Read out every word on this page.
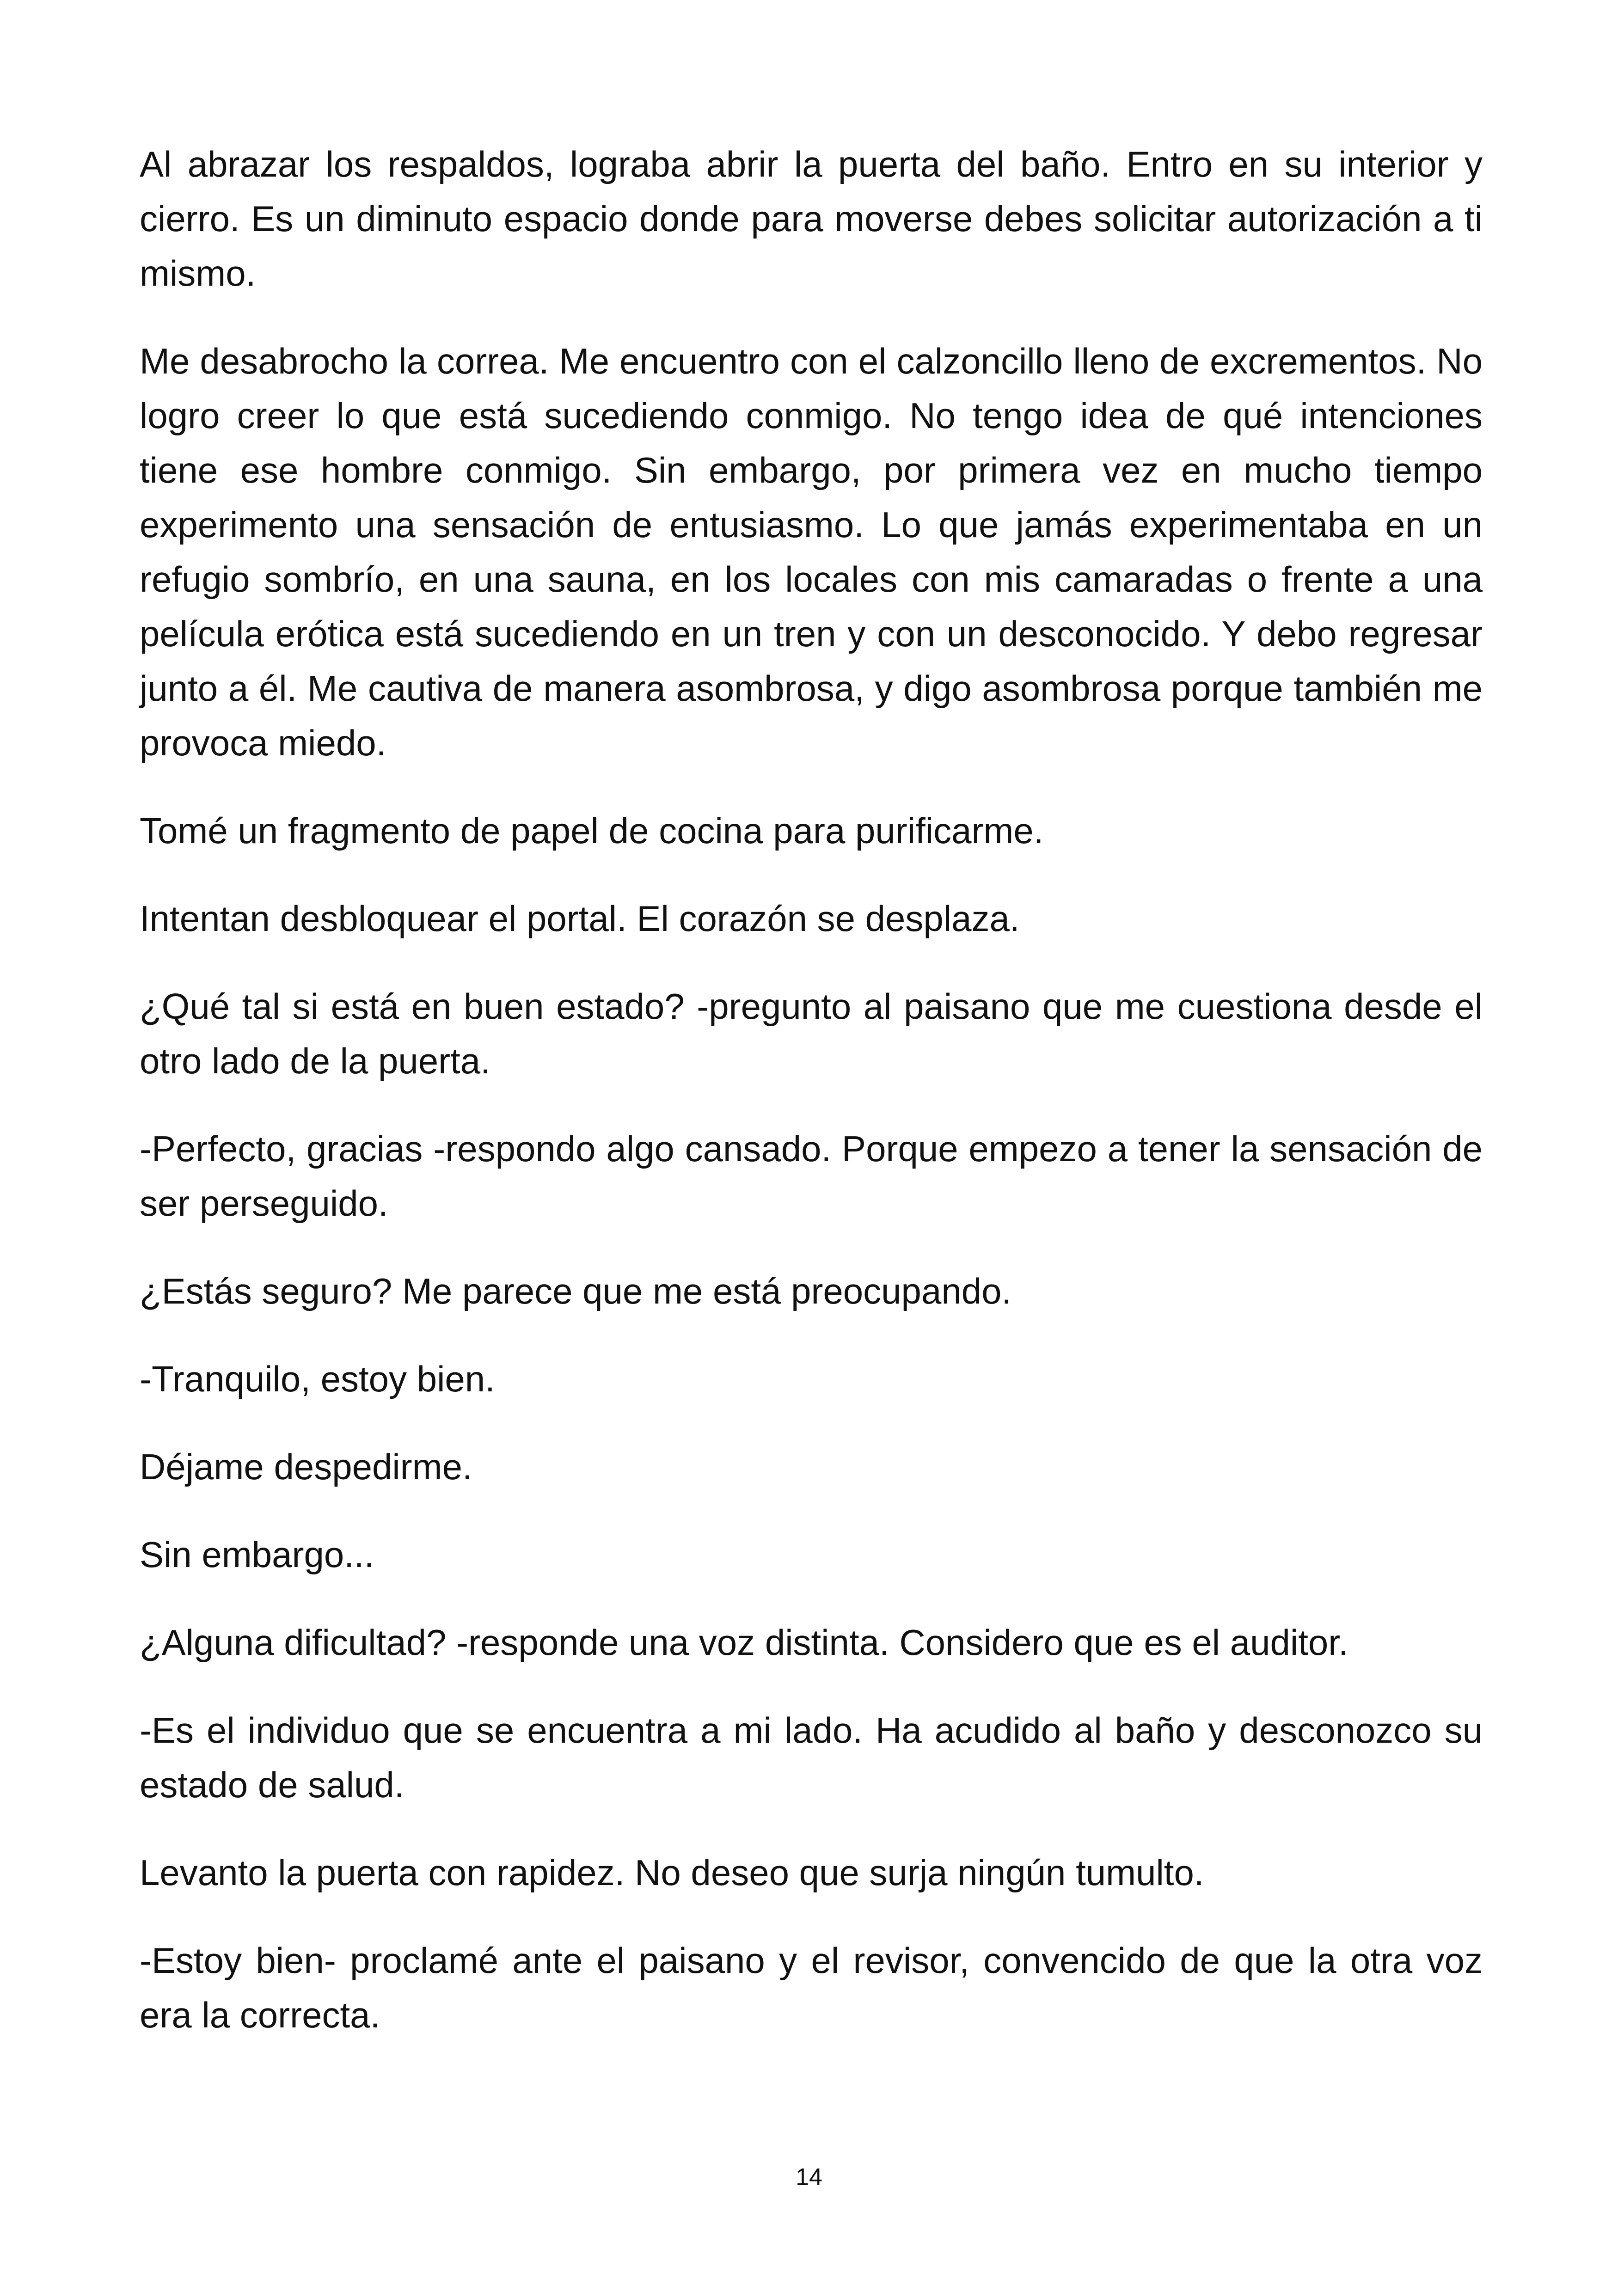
Al abrazar los respaldos, lograba abrir la puerta del baño. Entro en su interior y cierro. Es un diminuto espacio donde para moverse debes solicitar autorización a ti mismo.

Me desabrocho la correa. Me encuentro con el calzoncillo lleno de excrementos. No logro creer lo que está sucediendo conmigo. No tengo idea de qué intenciones tiene ese hombre conmigo. Sin embargo, por primera vez en mucho tiempo experimento una sensación de entusiasmo. Lo que jamás experimentaba en un refugio sombrío, en una sauna, en los locales con mis camaradas o frente a una película erótica está sucediendo en un tren y con un desconocido. Y debo regresar junto a él. Me cautiva de manera asombrosa, y digo asombrosa porque también me provoca miedo.

Tomé un fragmento de papel de cocina para purificarme.

Intentan desbloquear el portal. El corazón se desplaza.

¿Qué tal si está en buen estado? -pregunto al paisano que me cuestiona desde el otro lado de la puerta.

-Perfecto, gracias -respondo algo cansado. Porque empezo a tener la sensación de ser perseguido.

¿Estás seguro? Me parece que me está preocupando.

-Tranquilo, estoy bien.

Déjame despedirme.

Sin embargo...

¿Alguna dificultad? -responde una voz distinta. Considero que es el auditor.

-Es el individuo que se encuentra a mi lado. Ha acudido al baño y desconozco su estado de salud.

Levanto la puerta con rapidez. No deseo que surja ningún tumulto.

-Estoy bien- proclamé ante el paisano y el revisor, convencido de que la otra voz era la correcta.

14
